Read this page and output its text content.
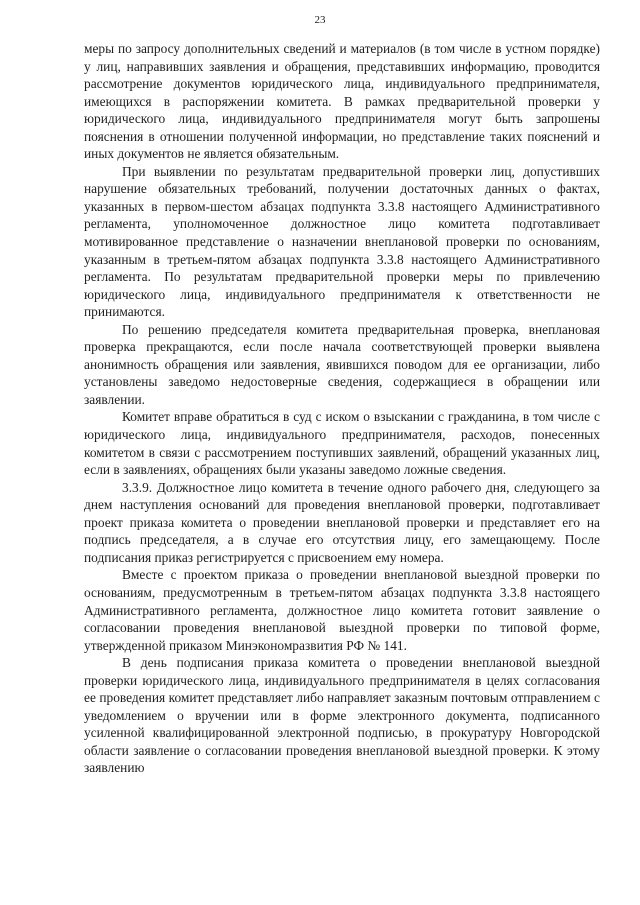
23

меры по запросу дополнительных сведений и материалов (в том числе в устном порядке) у лиц, направивших заявления и обращения, представивших информацию, проводится рассмотрение документов юридического лица, индивидуального предпринимателя, имеющихся в распоряжении комитета. В рамках предварительной проверки у юридического лица, индивидуального предпринимателя могут быть запрошены пояснения в отношении полученной информации, но представление таких пояснений и иных документов не является обязательным.

При выявлении по результатам предварительной проверки лиц, допустивших нарушение обязательных требований, получении достаточных данных о фактах, указанных в первом-шестом абзацах подпункта 3.3.8 настоящего Административного регламента, уполномоченное должностное лицо комитета подготавливает мотивированное представление о назначении внеплановой проверки по основаниям, указанным в третьем-пятом абзацах подпункта 3.3.8 настоящего Административного регламента. По результатам предварительной проверки меры по привлечению юридического лица, индивидуального предпринимателя к ответственности не принимаются.

По решению председателя комитета предварительная проверка, внеплановая проверка прекращаются, если после начала соответствующей проверки выявлена анонимность обращения или заявления, явившихся поводом для ее организации, либо установлены заведомо недостоверные сведения, содержащиеся в обращении или заявлении.

Комитет вправе обратиться в суд с иском о взыскании с гражданина, в том числе с юридического лица, индивидуального предпринимателя, расходов, понесенных комитетом в связи с рассмотрением поступивших заявлений, обращений указанных лиц, если в заявлениях, обращениях были указаны заведомо ложные сведения.

3.3.9. Должностное лицо комитета в течение одного рабочего дня, следующего за днем наступления оснований для проведения внеплановой проверки, подготавливает проект приказа комитета о проведении внеплановой проверки и представляет его на подпись председателя, а в случае его отсутствия лицу, его замещающему. После подписания приказ регистрируется с присвоением ему номера.

Вместе с проектом приказа о проведении внеплановой выездной проверки по основаниям, предусмотренным в третьем-пятом абзацах подпункта 3.3.8 настоящего Административного регламента, должностное лицо комитета готовит заявление о согласовании проведения внеплановой выездной проверки по типовой форме, утвержденной приказом Минэкономразвития РФ № 141.

В день подписания приказа комитета о проведении внеплановой выездной проверки юридического лица, индивидуального предпринимателя в целях согласования ее проведения комитет представляет либо направляет заказным почтовым отправлением с уведомлением о вручении или в форме электронного документа, подписанного усиленной квалифицированной электронной подписью, в прокуратуру Новгородской области заявление о согласовании проведения внеплановой выездной проверки. К этому заявлению
